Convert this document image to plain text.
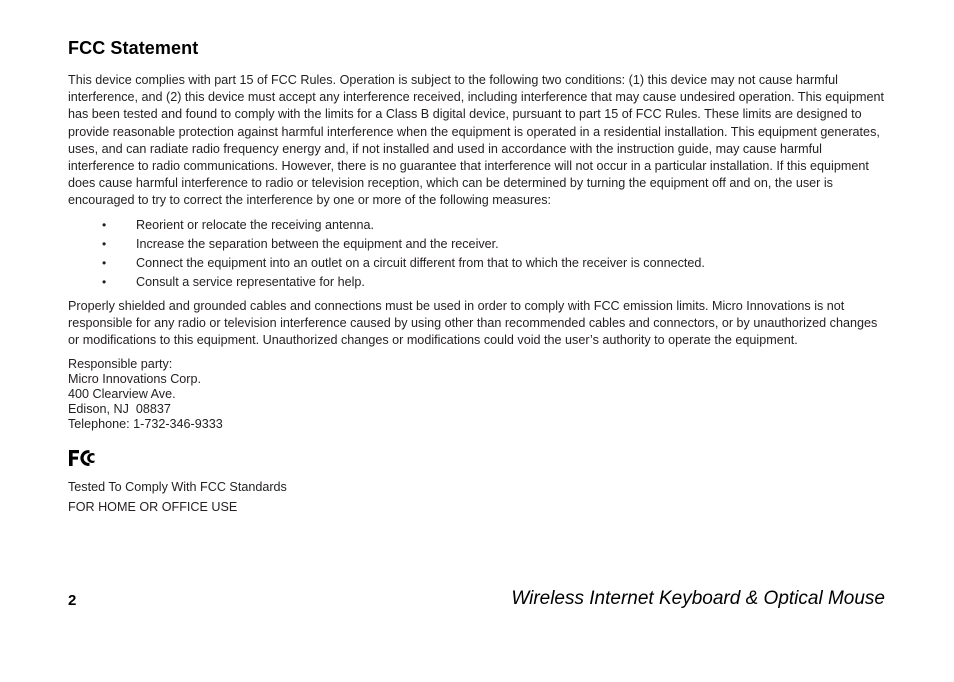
FCC Statement

This device complies with part 15 of FCC Rules. Operation is subject to the following two conditions: (1) this device may not cause harmful interference, and (2) this device must accept any interference received, including interference that may cause undesired operation. This equipment has been tested and found to comply with the limits for a Class B digital device, pursuant to part 15 of FCC Rules. These limits are designed to provide reasonable protection against harmful interference when the equipment is operated in a residential installation. This equipment generates, uses, and can radiate radio frequency energy and, if not installed and used in accordance with the instruction guide, may cause harmful interference to radio communications. However, there is no guarantee that interference will not occur in a particular installation. If this equipment does cause harmful interference to radio or television reception, which can be determined by turning the equipment off and on, the user is encouraged to try to correct the interference by one or more of the following measures:

• Reorient or relocate the receiving antenna.
• Increase the separation between the equipment and the receiver.
• Connect the equipment into an outlet on a circuit different from that to which the receiver is connected.
• Consult a service representative for help.

Properly shielded and grounded cables and connections must be used in order to comply with FCC emission limits. Micro Innovations is not responsible for any radio or television interference caused by using other than recommended cables and connectors, or by unauthorized changes or modifications to this equipment. Unauthorized changes or modifications could void the user’s authority to operate the equipment.

Responsible party:
Micro Innovations Corp.
400 Clearview Ave.
Edison, NJ  08837
Telephone: 1-732-346-9333
Tested To Comply With FCC Standards
FOR HOME OR OFFICE USE
2	Wireless Internet Keyboard & Optical Mouse
